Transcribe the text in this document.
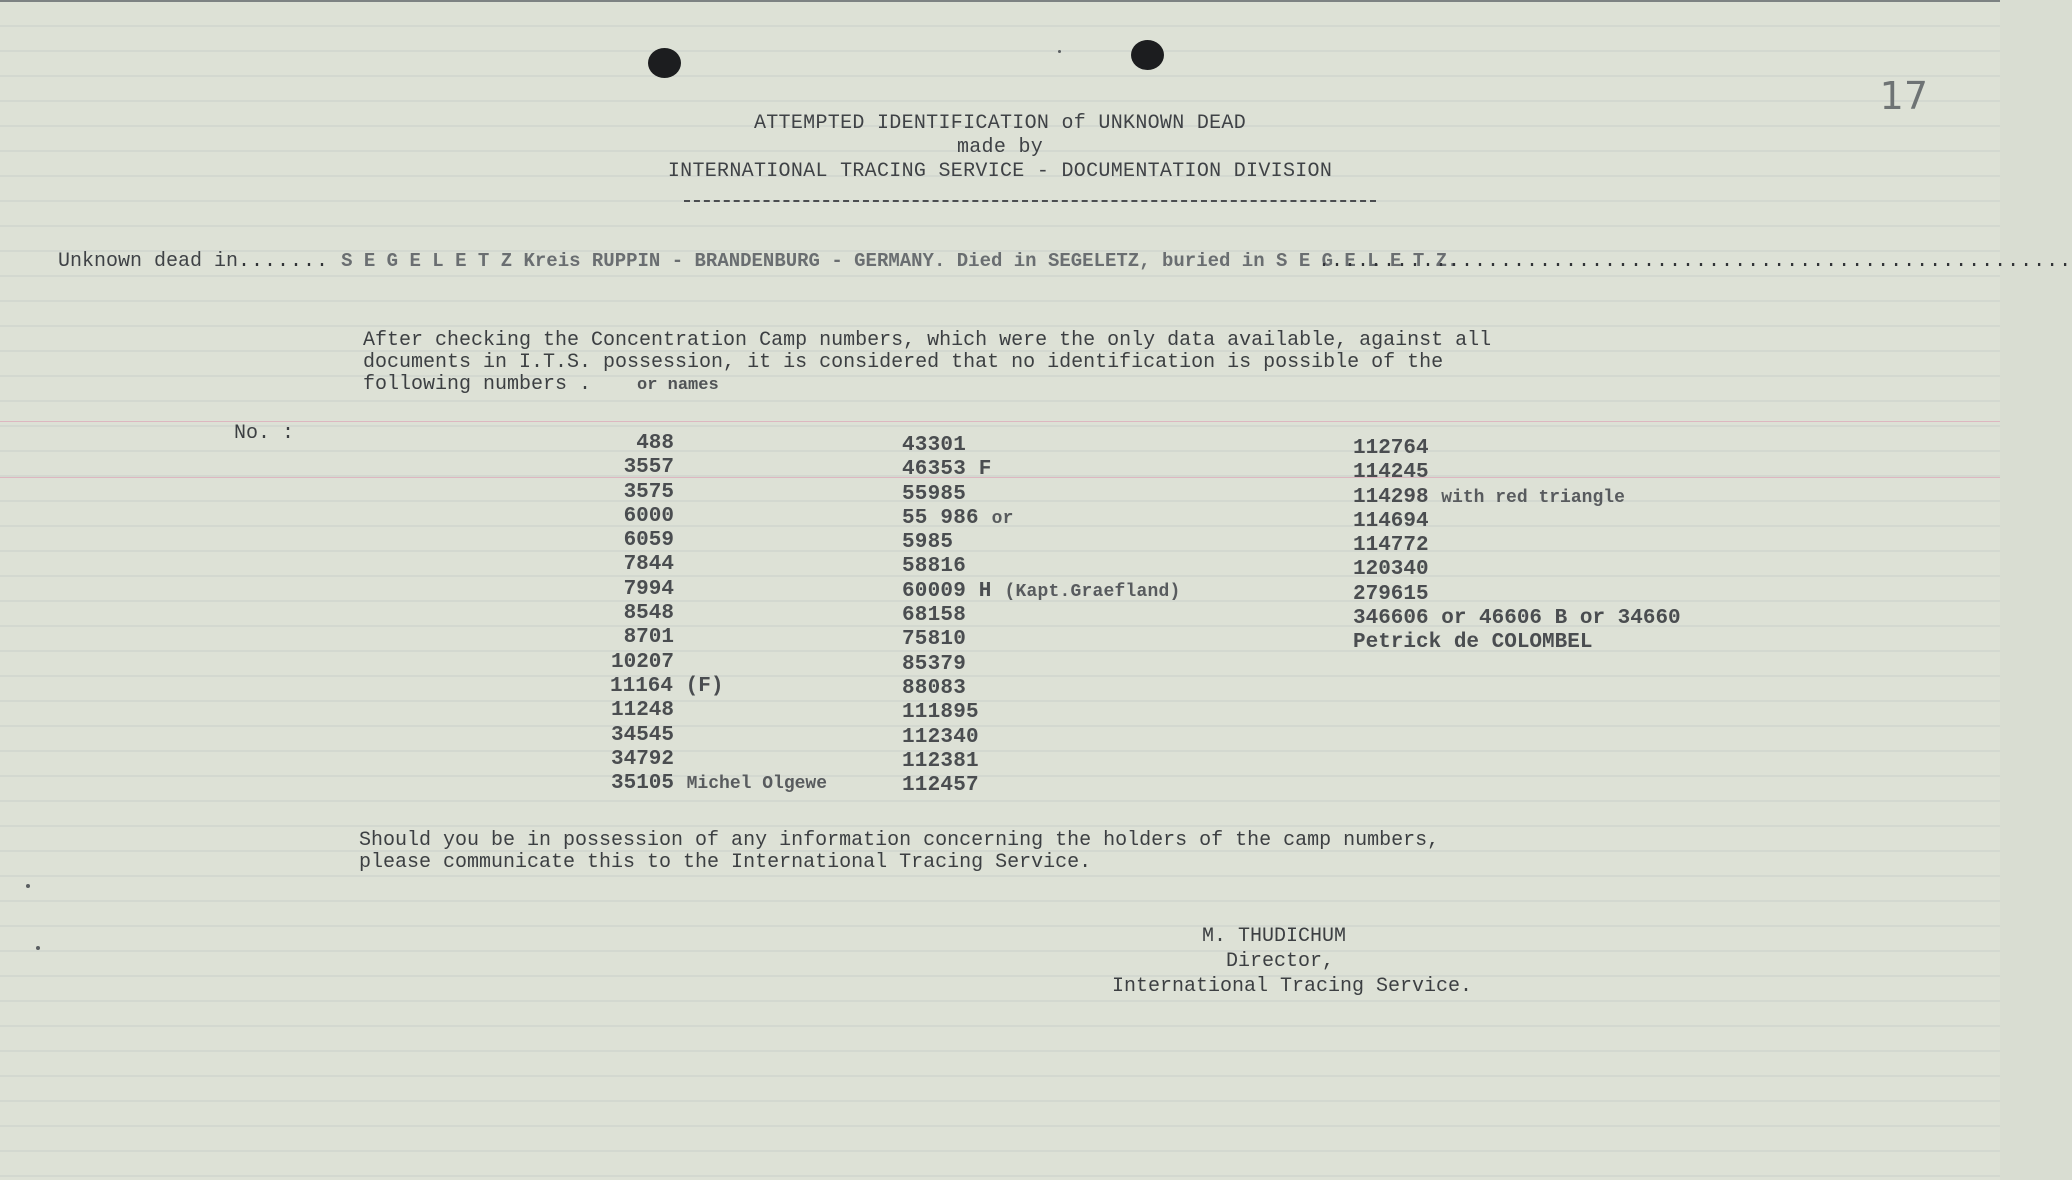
17
ATTEMPTED IDENTIFICATION of UNKNOWN DEAD
made by
INTERNATIONAL TRACING SERVICE - DOCUMENTATION DIVISION
Unknown dead in....... S E G E L E T Z Kreis RUPPIN - BRANDENBURG - GERMANY. Died in SEGELETZ, buried in S E G E L E T Z.
..........................................................

After checking the Concentration Camp numbers, which were the only data available, against all

documents in I.T.S. possession, it is considered that no identification is possible of the

following numbers .	or names

No. :	488
3557
3575
6000
6059
7844
7994
8548
8701
10207
11164 (F)
11248
34545
34792
35105 Michel Olgewe
43301
46353 F
55985
55 986 or
5985
58816
60009 H (Kapt.Graefland)
68158
75810
85379
88083
111895
112340
112381
112457
112764
114245
114298 with red triangle
114694
114772
120340
279615
346606 or 46606 B or 34660
Petrick de COLOMBEL

Should you be in possession of any information concerning the holders of the camp numbers,

please communicate this to the International Tracing Service.

M. THUDICHUM
Director,
International Tracing Service.
